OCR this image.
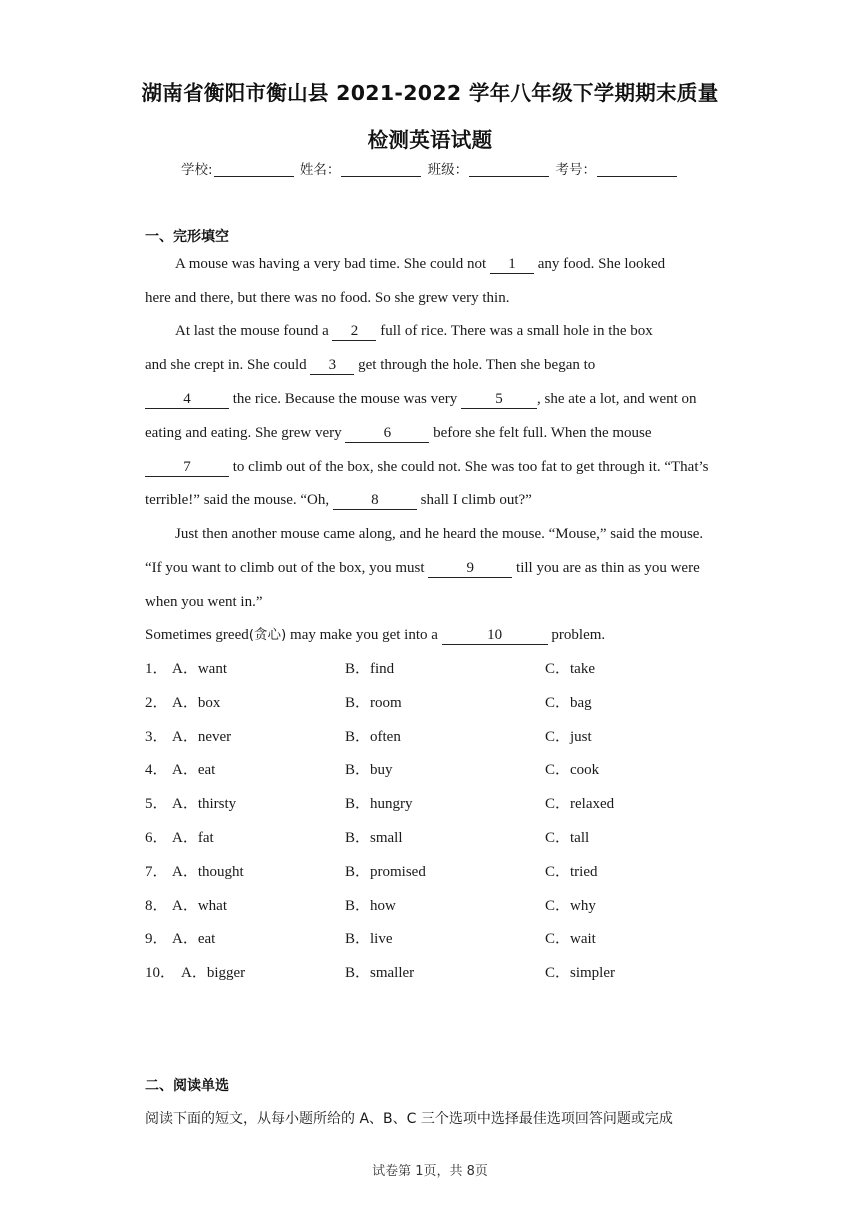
湖南省衡阳市衡山县 2021-2022 学年八年级下学期期末质量
检测英语试题
学校:	姓名：	班级：	考号：
一、完形填空
A mouse was having a very bad time. She could not 1 any food. She looked
here and there, but there was no food. So she grew very thin.
At last the mouse found a 2 full of rice. There was a small hole in the box
and she crept in. She could 3 get through the hole. Then she began to
4	the rice. Because the mouse was very 5 , she ate a lot, and went on
eating and eating. She grew very	6	before she felt full. When the mouse
7	to climb out of the box, she could not. She was too fat to get through it. “That’s
terrible!” said the mouse. “Oh,	8	shall I climb out?”
Just then another mouse came along, and he heard the mouse. “Mouse,” said the mouse.
“If you want to climb out of the box, you must	9	till you are as thin as you were
when you went in.”
Sometimes greed(贪心) may make you get into a	10	problem.
1． A．want	B．find	C．take
2． A．box	B．room	C．bag
3． A．never	B．often	C．just
4． A．eat	B．buy	C．cook
5． A．thirsty	B．hungry	C．relaxed
6． A．fat	B．small	C．tall
7． A．thought	B．promised	C．tried
8． A．what	B．how	C．why
9． A．eat	B．live	C．wait
10． A．bigger	B．smaller	C．simpler
二、阅读单选
阅读下面的短文，从每小题所给的 A、B、C 三个选项中选择最佳选项回答问题或完成
试卷第 1页，共 8页
